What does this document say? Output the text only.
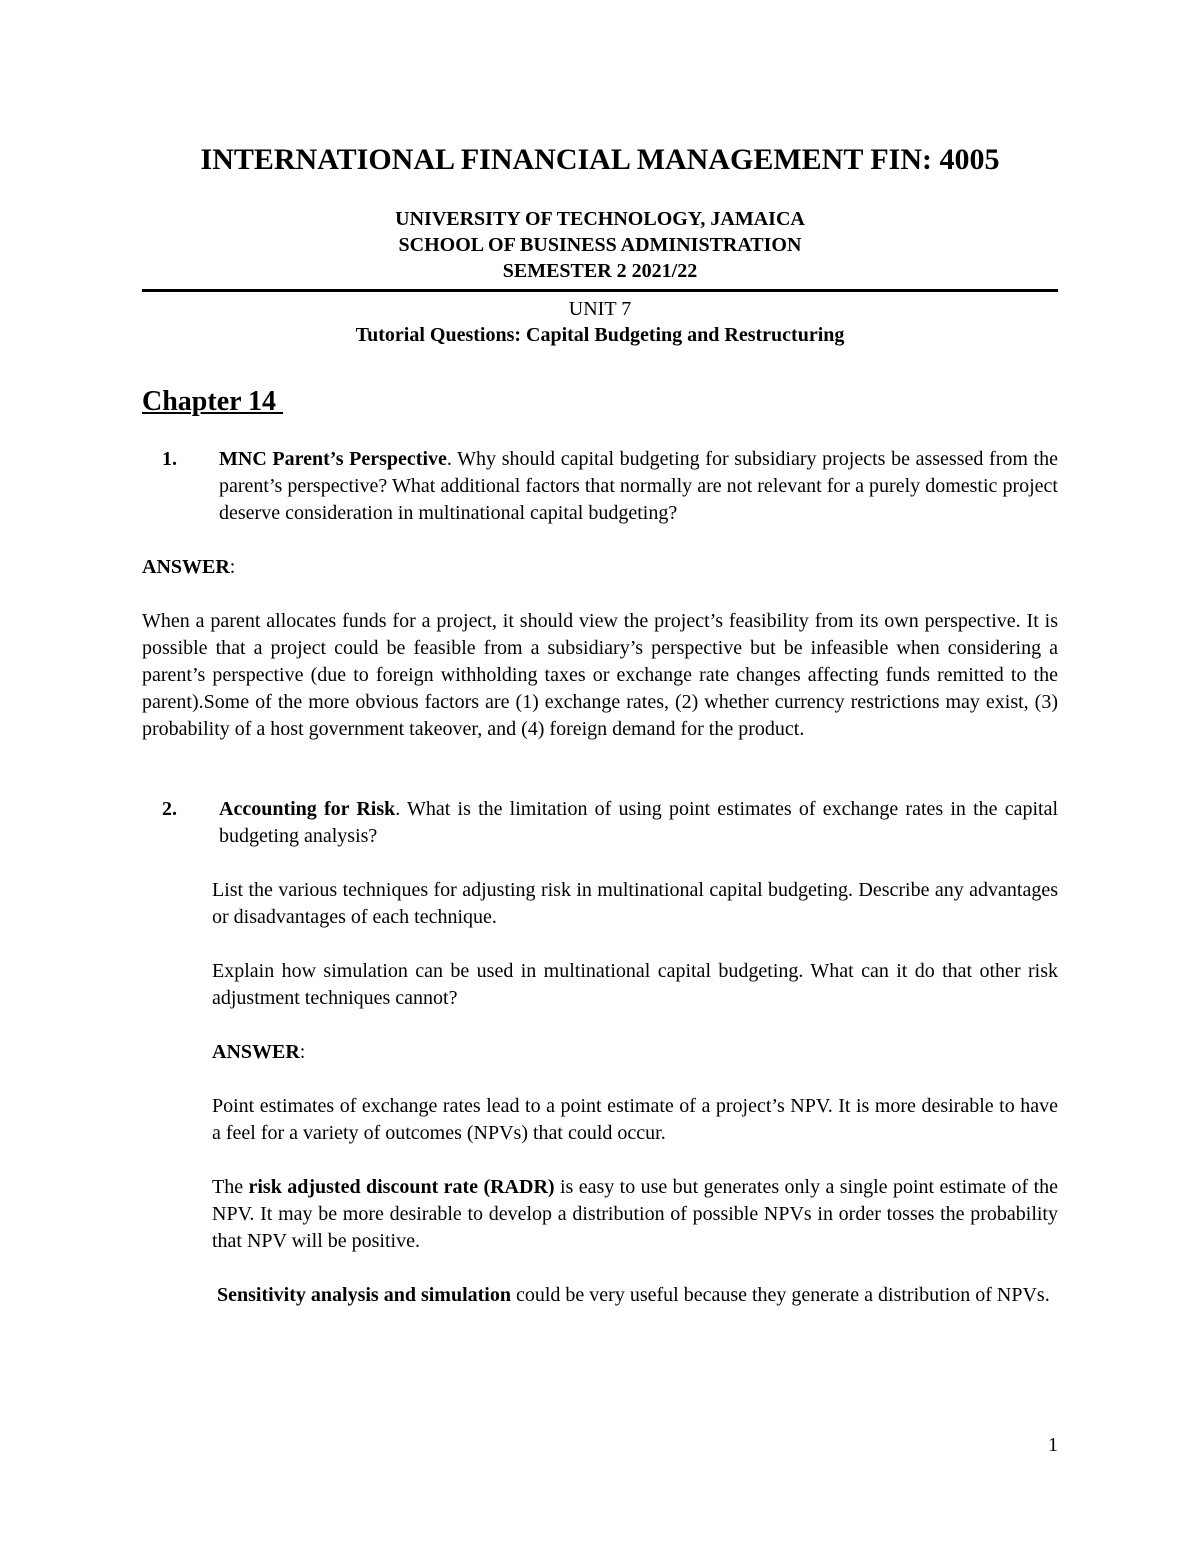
INTERNATIONAL FINANCIAL MANAGEMENT FIN: 4005

UNIVERSITY OF TECHNOLOGY, JAMAICA

SCHOOL OF BUSINESS ADMINISTRATION

SEMESTER 2 2021/22

UNIT 7

Tutorial Questions: Capital Budgeting and Restructuring

Chapter 14
1.	MNC Parent’s Perspective. Why should capital budgeting for subsidiary projects be assessed from the parent’s perspective? What additional factors that normally are not relevant for a purely domestic project deserve consideration in multinational capital budgeting?
ANSWER:

When a parent allocates funds for a project, it should view the project’s feasibility from its own perspective. It is possible that a project could be feasible from a subsidiary’s perspective but be infeasible when considering a parent’s perspective (due to foreign withholding taxes or exchange rate changes affecting funds remitted to the parent).Some of the more obvious factors are (1) exchange rates, (2) whether currency restrictions may exist, (3) probability of a host government takeover, and (4) foreign demand for the product.

2.	Accounting for Risk. What is the limitation of using point estimates of exchange rates in the capital budgeting analysis?

List the various techniques for adjusting risk in multinational capital budgeting. Describe any advantages or disadvantages of each technique.

Explain how simulation can be used in multinational capital budgeting. What can it do that other risk adjustment techniques cannot?

ANSWER:

Point estimates of exchange rates lead to a point estimate of a project’s NPV. It is more desirable to have a feel for a variety of outcomes (NPVs) that could occur.

The risk adjusted discount rate (RADR) is easy to use but generates only a single point estimate of the NPV. It may be more desirable to develop a distribution of possible NPVs in order tosses the probability that NPV will be positive.

Sensitivity analysis and simulation could be very useful because they generate a distribution of NPVs.

1
